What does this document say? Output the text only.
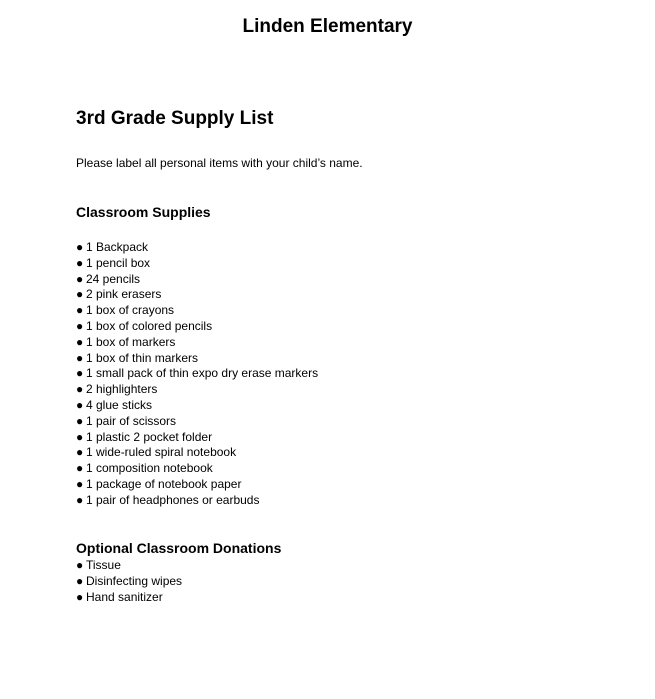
Linden Elementary
3rd Grade Supply List

Please label all personal items with your child’s name.

Classroom Supplies
● 1 Backpack
● 1 pencil box
● 24 pencils
● 2 pink erasers
● 1 box of crayons
● 1 box of colored pencils
● 1 box of markers
● 1 box of thin markers
● 1 small pack of thin expo dry erase markers
● 2 highlighters
● 4 glue sticks
● 1 pair of scissors
● 1 plastic 2 pocket folder
● 1 wide-ruled spiral notebook
● 1 composition notebook
● 1 package of notebook paper
● 1 pair of headphones or earbuds
Optional Classroom Donations
● Tissue
● Disinfecting wipes
● Hand sanitizer
